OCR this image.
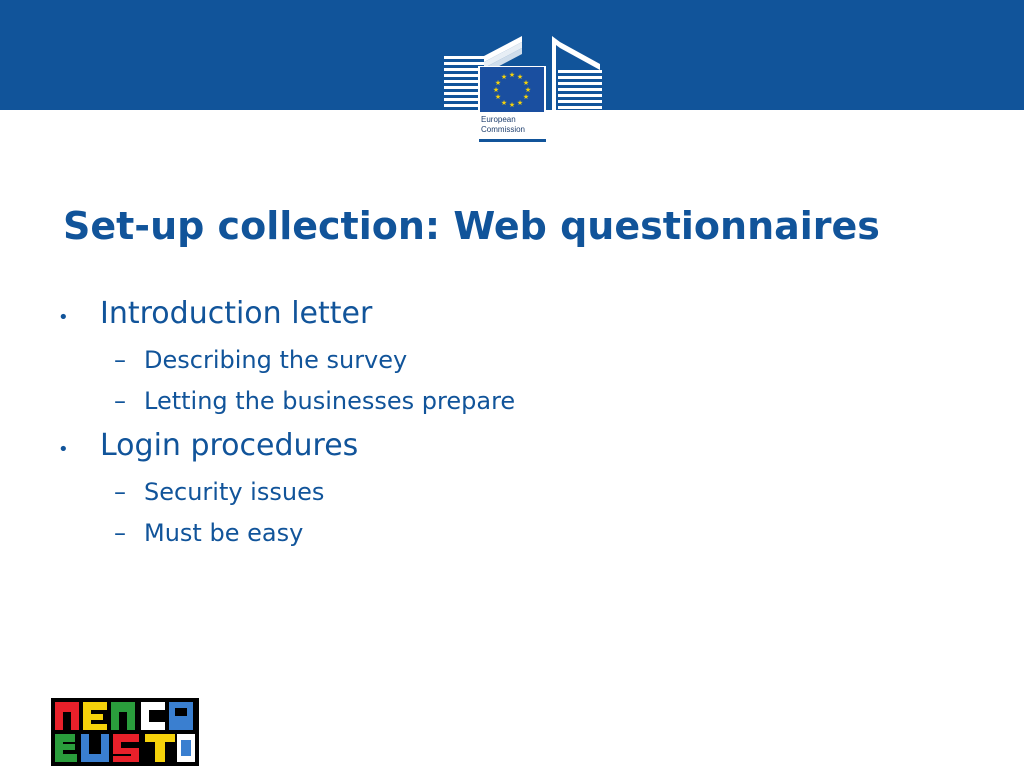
★ ★
★
★
★
★
★
★
★
★
★
★
European
Commission
Set-up collection: Web questionnaires
•	Introduction letter
– Describing the survey
– Letting the businesses prepare
•	Login procedures
– Security issues
– Must be easy
